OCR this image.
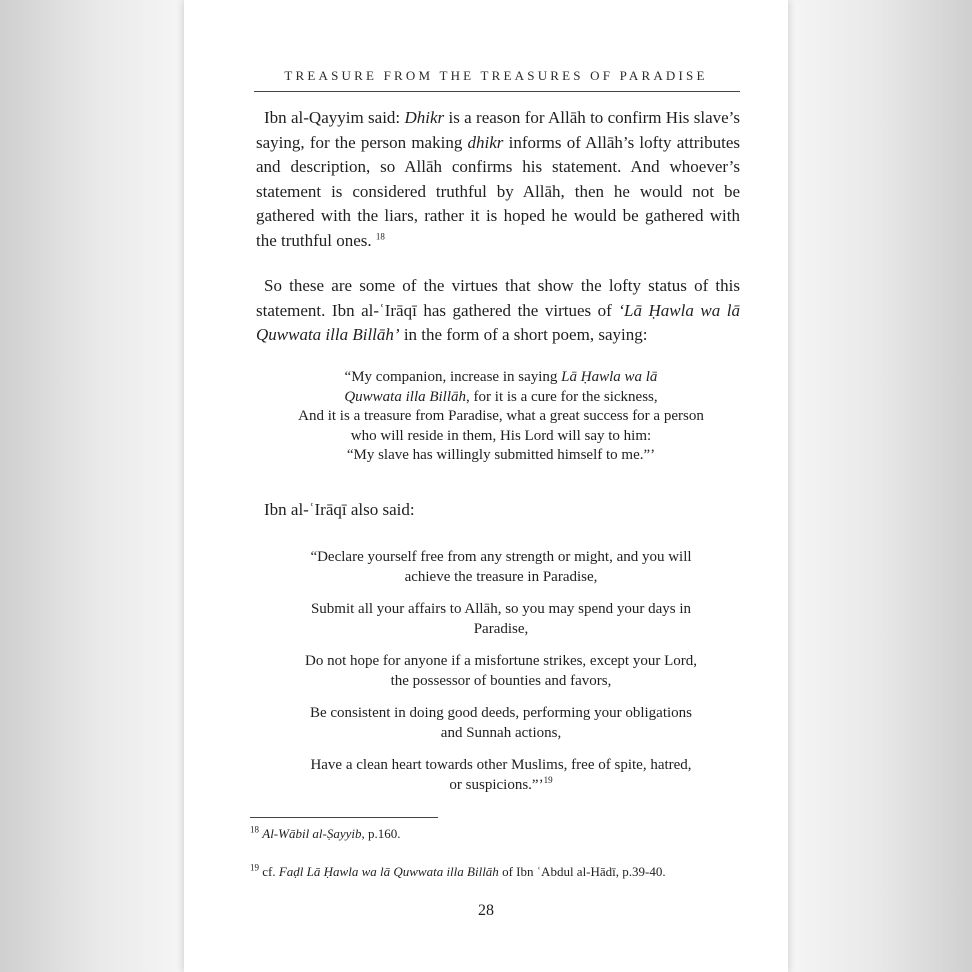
TREASURE FROM THE TREASURES OF PARADISE

Ibn al-Qayyim said: Dhikr is a reason for Allāh to confirm His slave’s saying, for the person making dhikr informs of Allāh’s lofty attributes and description, so Allāh confirms his statement. And whoever’s statement is considered truthful by Allāh, then he would not be gathered with the liars, rather it is hoped he would be gathered with the truthful ones. $^{18}$

So these are some of the virtues that show the lofty status of this statement. Ibn al-ʿIrāqī has gathered the virtues of ‘Lā Ḥawla wa lā Quwwata illa Billāh’ in the form of a short poem, saying:

“My companion, increase in saying Lā Ḥawla wa lā
Quwwata illa Billāh, for it is a cure for the sickness,
And it is a treasure from Paradise, what a great success for a person
who will reside in them, His Lord will say to him:
“My slave has willingly submitted himself to me.”’

Ibn al-ʿIrāqī also said:

“Declare yourself free from any strength or might, and you will
achieve the treasure in Paradise,
Submit all your affairs to Allāh, so you may spend your days in
Paradise,
Do not hope for anyone if a misfortune strikes, except your Lord,
the possessor of bounties and favors,
Be consistent in doing good deeds, performing your obligations
and Sunnah actions,
Have a clean heart towards other Muslims, free of spite, hatred,
or suspicions.”’$^{19}$
$^{18}$ Al-Wābil al-Ṣayyib, p.160.
$^{19}$ cf. Faḍl Lā Ḥawla wa lā Quwwata illa Billāh of Ibn ʿAbdul al-Hādī, p.39-40.
28
